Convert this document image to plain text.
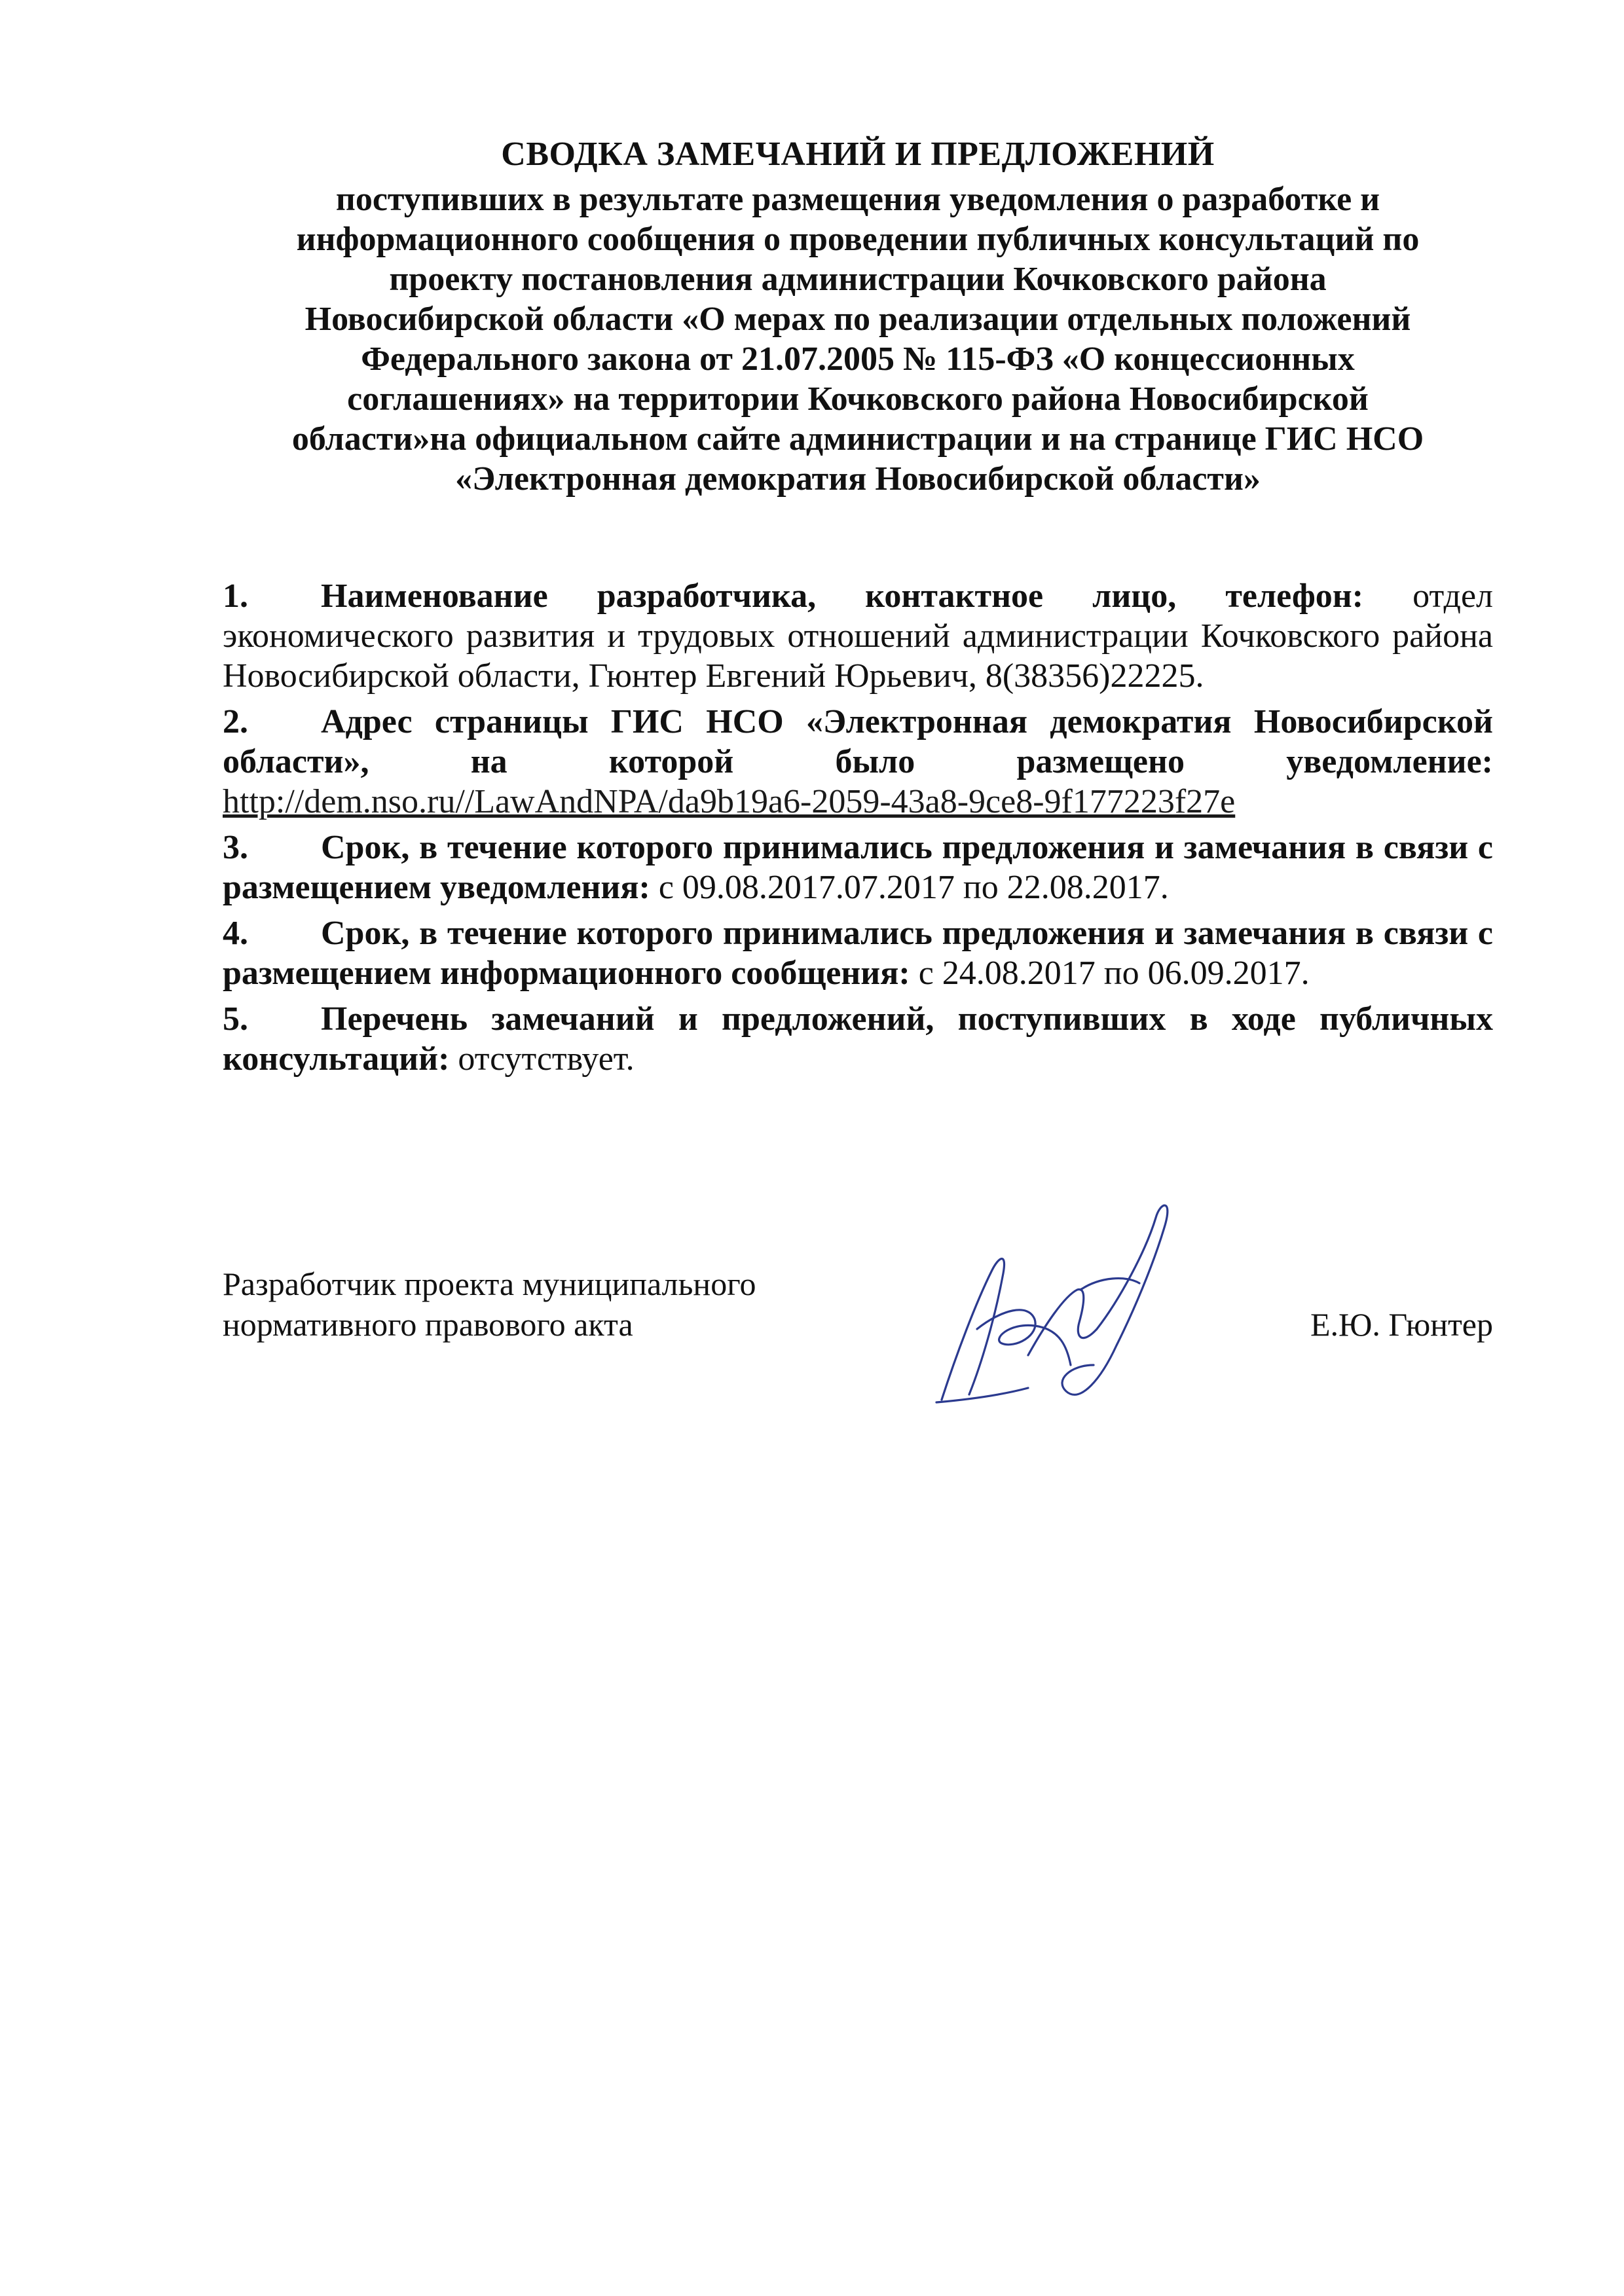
СВОДКА ЗАМЕЧАНИЙ И ПРЕДЛОЖЕНИЙ
поступивших в результате размещения уведомления о разработке и
информационного сообщения о проведении публичных консультаций по
проекту постановления администрации Кочковского района
Новосибирской области «О мерах по реализации отдельных положений
Федерального закона от 21.07.2005 № 115-ФЗ «О концессионных
соглашениях» на территории Кочковского района Новосибирской
области»на официальном сайте администрации и на странице ГИС НСО
«Электронная демократия Новосибирской области»

1. Наименование разработчика, контактное лицо, телефон: отдел экономического развития и трудовых отношений администрации Кочковского района Новосибирской области, Гюнтер Евгений Юрьевич, 8(38356)22225.

2. Адрес страницы ГИС НСО «Электронная демократия Новосибирской области», на которой было размещено уведомление: http://dem.nso.ru//LawAndNPA/da9b19a6-2059-43a8-9ce8-9f177223f27e

3. Срок, в течение которого принимались предложения и замечания в связи с размещением уведомления: с 09.08.2017.07.2017 по 22.08.2017.

4. Срок, в течение которого принимались предложения и замечания в связи с размещением информационного сообщения: с 24.08.2017 по 06.09.2017.

5. Перечень замечаний и предложений, поступивших в ходе публичных консультаций: отсутствует.

Разработчик проекта муниципального
нормативного правового акта	Е.Ю. Гюнтер
